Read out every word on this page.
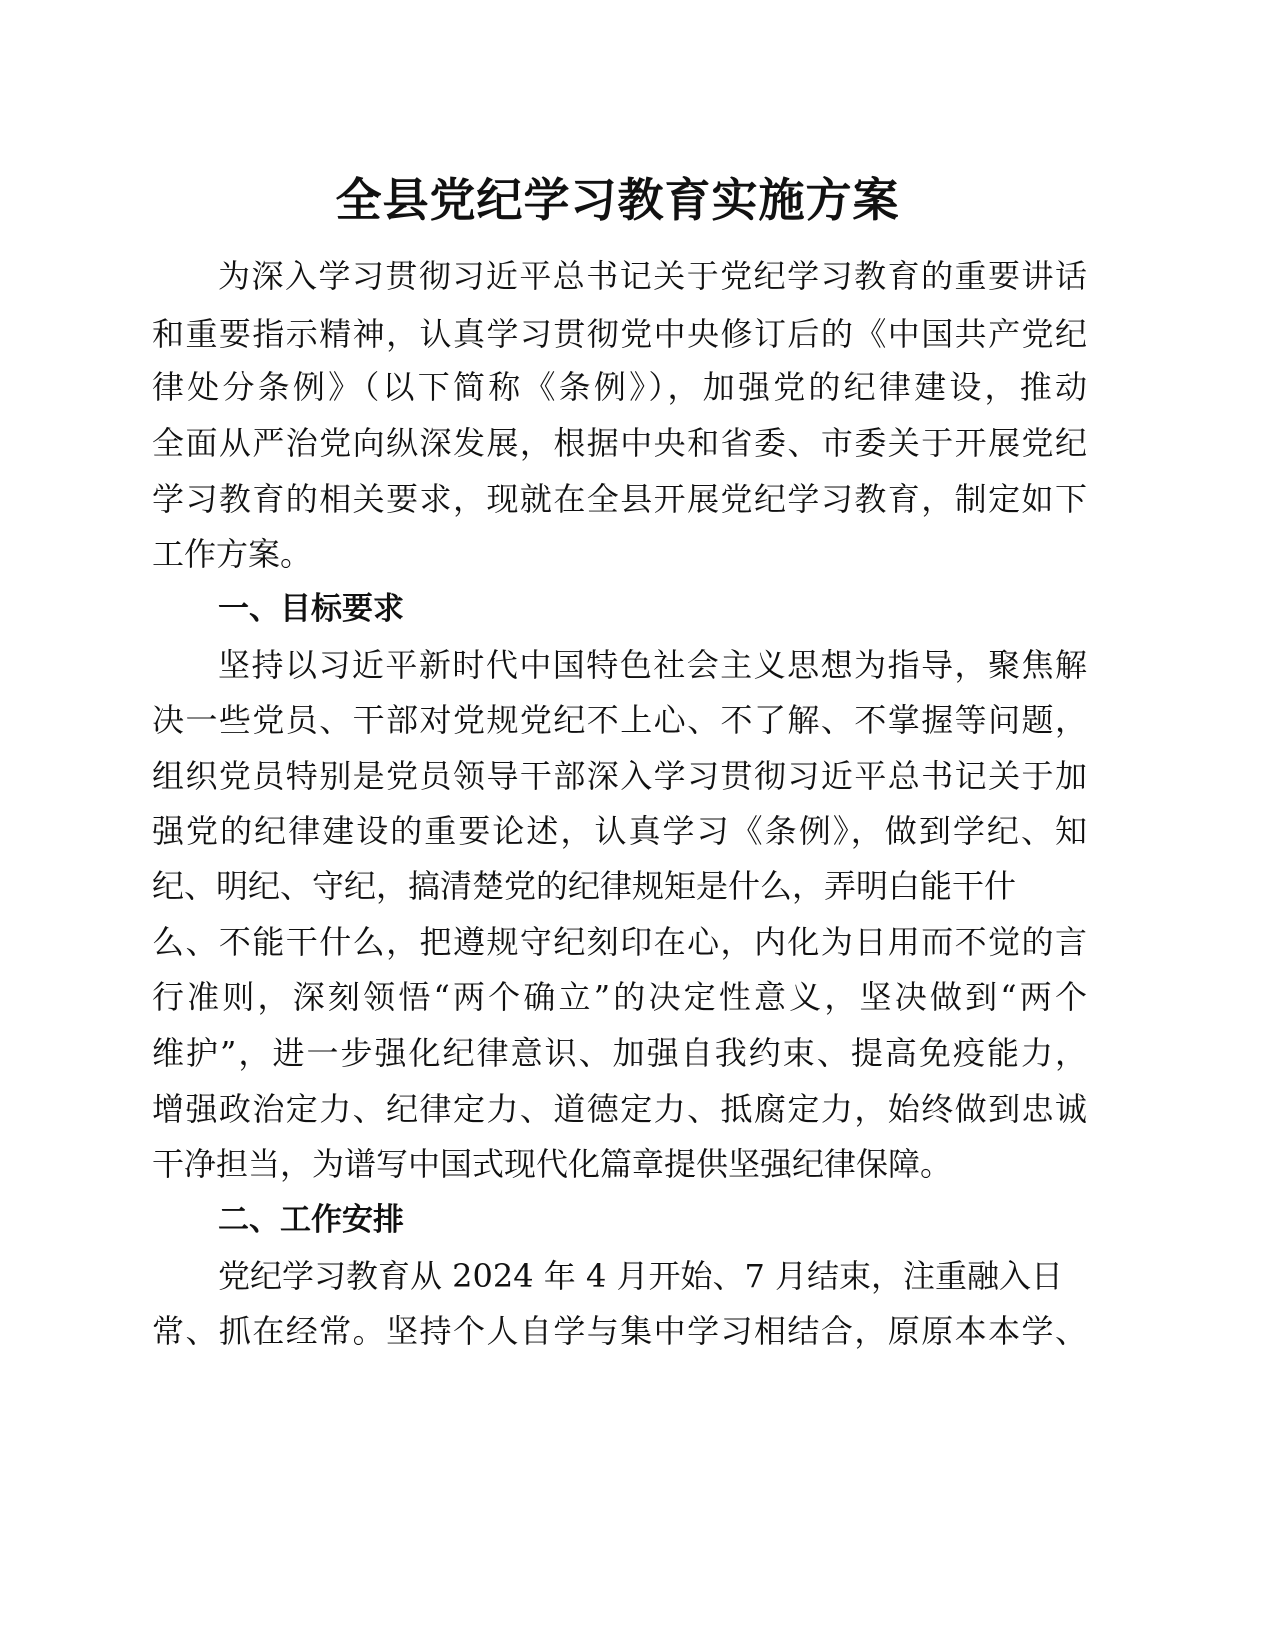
全县党纪学习教育实施方案

为深入学习贯彻习近平总书记关于党纪学习教育的重要讲话

和重要指示精神，认真学习贯彻党中央修订后的《中国共产党纪

律处分条例》（以下简称《条例》），加强党的纪律建设，推动

全面从严治党向纵深发展，根据中央和省委、市委关于开展党纪

学习教育的相关要求，现就在全县开展党纪学习教育，制定如下

工作方案。

一、目标要求

坚持以习近平新时代中国特色社会主义思想为指导，聚焦解

决一些党员、干部对党规党纪不上心、不了解、不掌握等问题，

组织党员特别是党员领导干部深入学习贯彻习近平总书记关于加

强党的纪律建设的重要论述，认真学习《条例》，做到学纪、知

纪、明纪、守纪，搞清楚党的纪律规矩是什么，弄明白能干什

么、不能干什么，把遵规守纪刻印在心，内化为日用而不觉的言

行准则，深刻领悟“两个确立”的决定性意义，坚决做到“两个

维护”，进一步强化纪律意识、加强自我约束、提高免疫能力，

增强政治定力、纪律定力、道德定力、抵腐定力，始终做到忠诚

干净担当，为谱写中国式现代化篇章提供坚强纪律保障。

二、工作安排

党纪学习教育从 2024 年 4 月开始、7 月结束，注重融入日

常、抓在经常。坚持个人自学与集中学习相结合，原原本本学、
